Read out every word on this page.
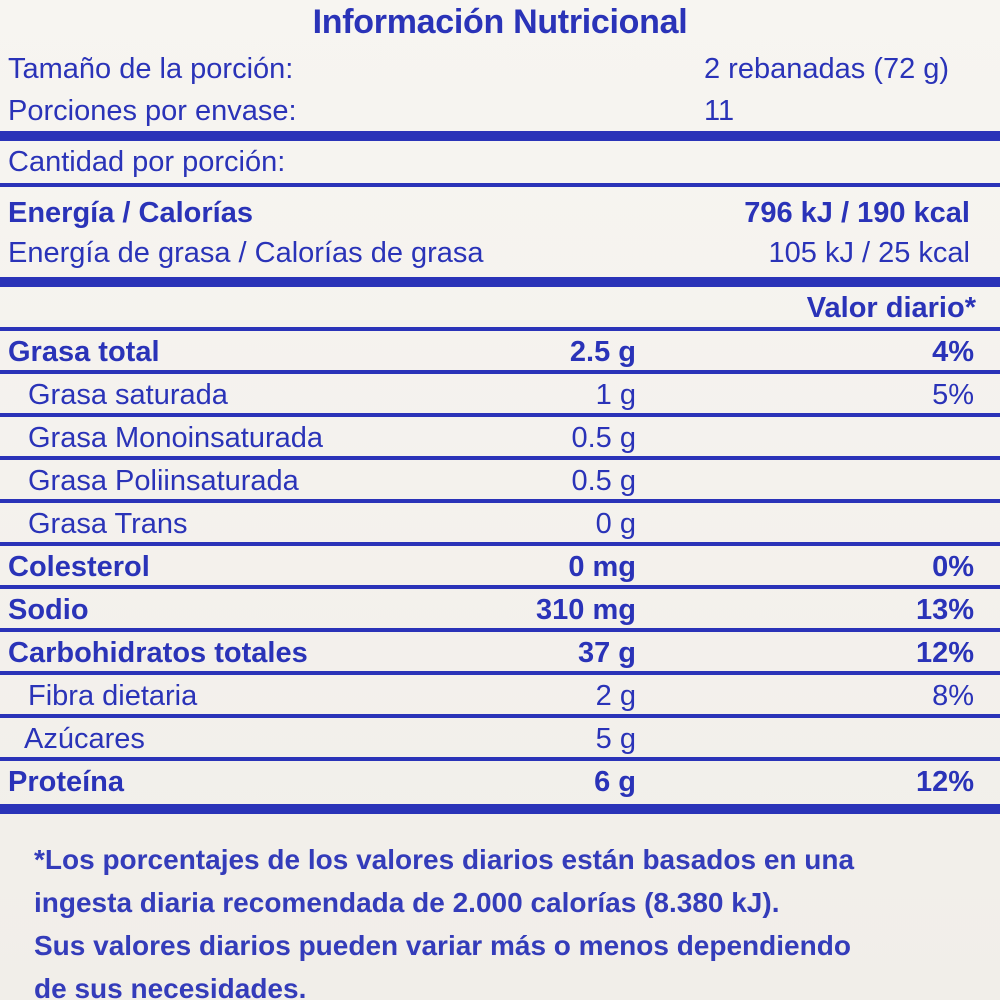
Información Nutricional
Tamaño de la porción:	2 rebanadas (72 g)
Porciones por envase:	11
Cantidad por porción:
Energía / Calorías	796 kJ / 190 kcal
Energía de grasa / Calorías de grasa	105 kJ / 25 kcal
Valor diario*
Grasa total	2.5 g	4%
Grasa saturada	1 g	5%
Grasa Monoinsaturada	0.5 g
Grasa Poliinsaturada	0.5 g
Grasa Trans	0 g
Colesterol	0 mg	0%
Sodio	310 mg	13%
Carbohidratos totales	37 g	12%
Fibra dietaria	2 g	8%
Azúcares	5 g
Proteína	6 g	12%
*Los porcentajes de los valores diarios están basados en una
ingesta diaria recomendada de 2.000 calorías (8.380 kJ).
Sus valores diarios pueden variar más o menos dependiendo
de sus necesidades.
